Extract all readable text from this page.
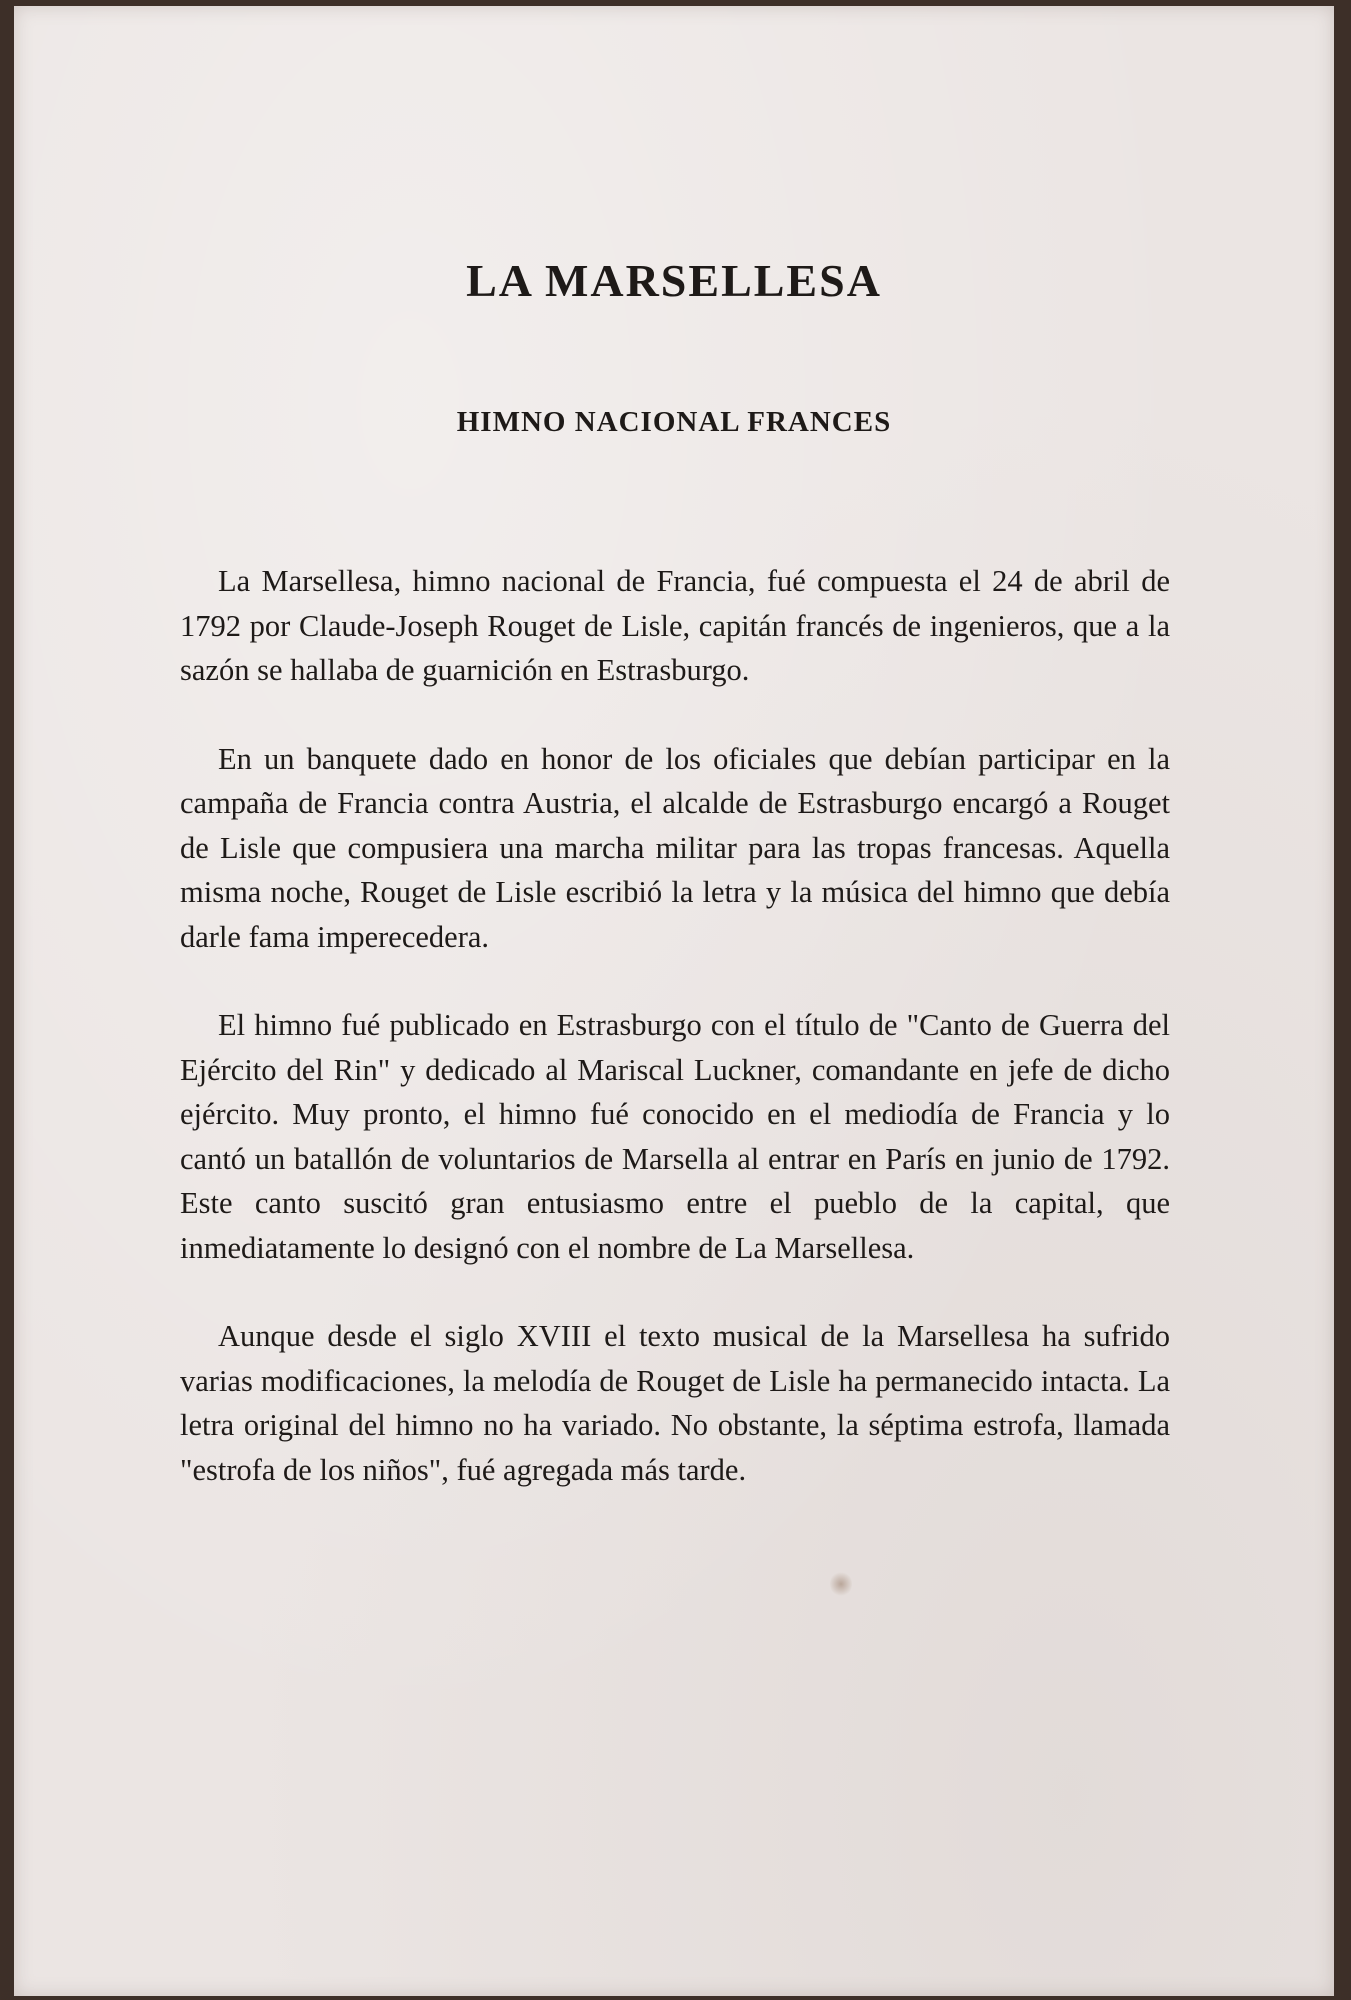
LA MARSELLESA
HIMNO NACIONAL FRANCES

La Marsellesa, himno nacional de Francia, fué compuesta el 24 de abril de 1792 por Claude-Joseph Rouget de Lisle, capitán francés de ingenieros, que a la sazón se hallaba de guarnición en Estrasburgo.

En un banquete dado en honor de los oficiales que debían participar en la campaña de Francia contra Austria, el alcalde de Estrasburgo encargó a Rouget de Lisle que compusiera una marcha militar para las tropas francesas. Aquella misma noche, Rouget de Lisle escribió la letra y la música del himno que debía darle fama imperecedera.

El himno fué publicado en Estrasburgo con el título de "Canto de Guerra del Ejército del Rin" y dedicado al Mariscal Luckner, comandante en jefe de dicho ejército. Muy pronto, el himno fué conocido en el mediodía de Francia y lo cantó un batallón de voluntarios de Marsella al entrar en París en junio de 1792. Este canto suscitó gran entusiasmo entre el pueblo de la capital, que inmediatamente lo designó con el nombre de La Marsellesa.

Aunque desde el siglo XVIII el texto musical de la Marsellesa ha sufrido varias modificaciones, la melodía de Rouget de Lisle ha permanecido intacta. La letra original del himno no ha variado. No obstante, la séptima estrofa, llamada "estrofa de los niños", fué agregada más tarde.
